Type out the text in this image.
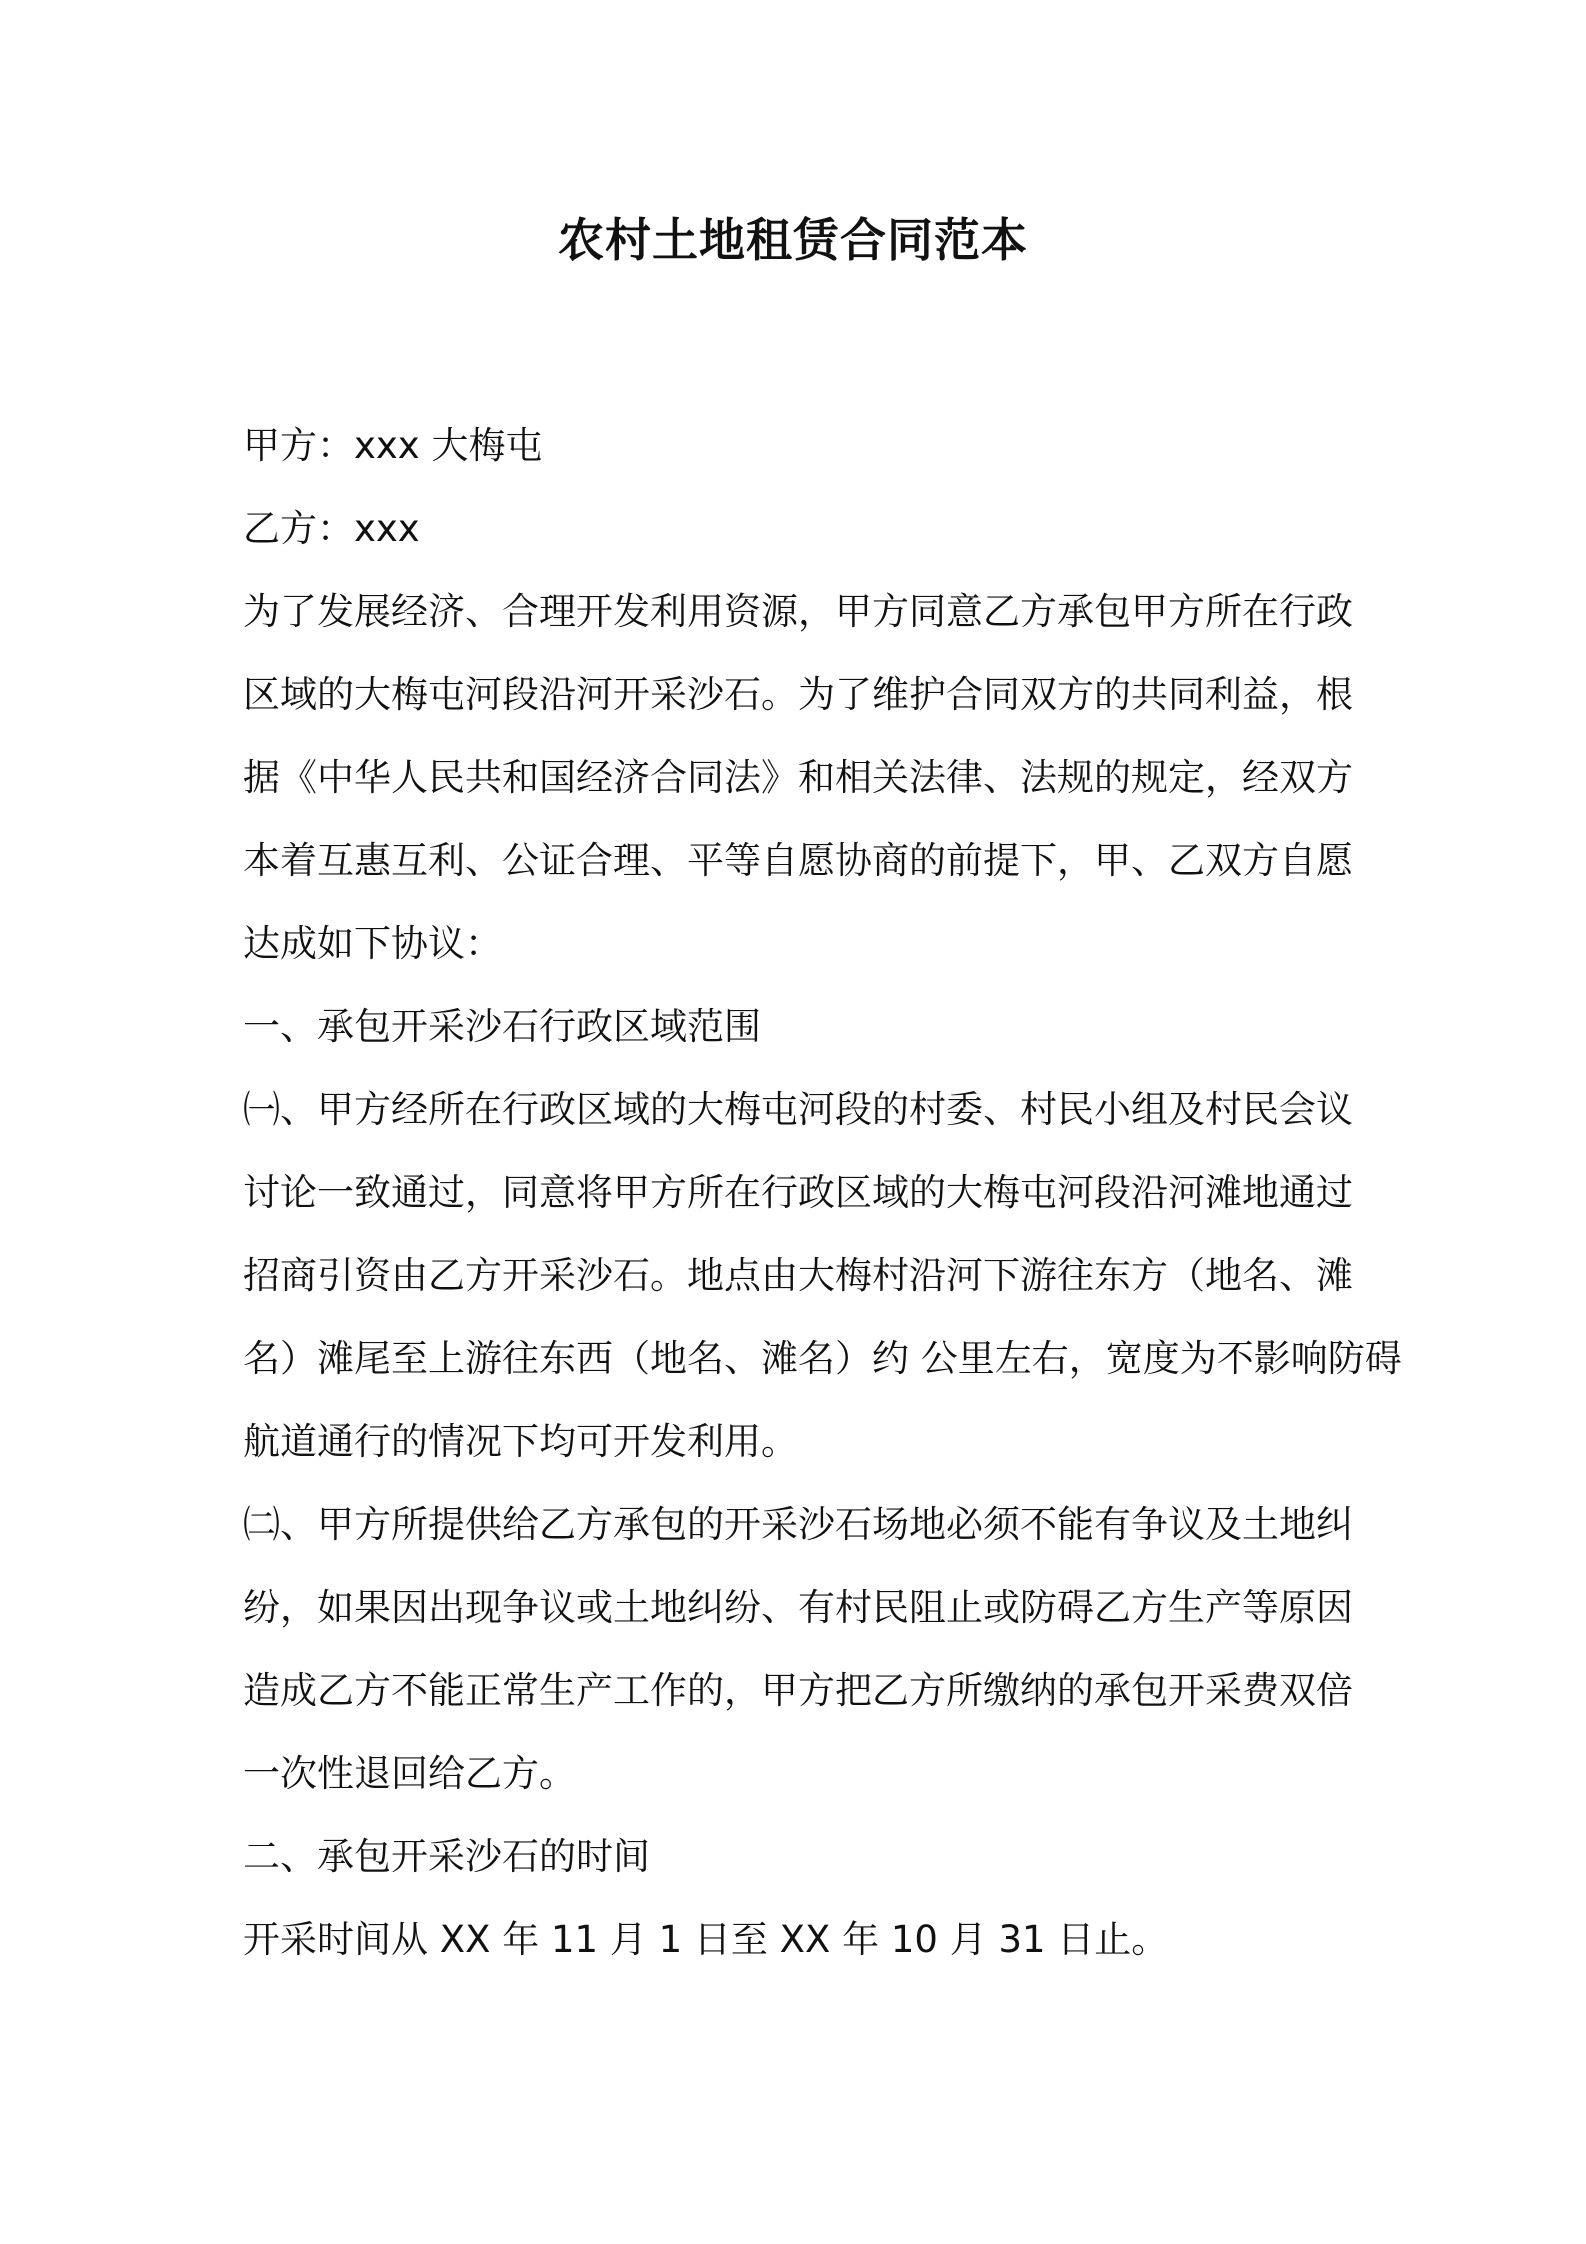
农村土地租赁合同范本
甲方：xxx 大梅屯
乙方：xxx
为了发展经济、合理开发利用资源，甲方同意乙方承包甲方所在行政
区域的大梅屯河段沿河开采沙石。为了维护合同双方的共同利益，根
据《中华人民共和国经济合同法》和相关法律、法规的规定，经双方
本着互惠互利、公证合理、平等自愿协商的前提下，甲、乙双方自愿
达成如下协议：
一、承包开采沙石行政区域范围
㈠、甲方经所在行政区域的大梅屯河段的村委、村民小组及村民会议
讨论一致通过，同意将甲方所在行政区域的大梅屯河段沿河滩地通过
招商引资由乙方开采沙石。地点由大梅村沿河下游往东方（地名、滩
名）滩尾至上游往东西（地名、滩名）约 公里左右，宽度为不影响防碍
航道通行的情况下均可开发利用。
㈡、甲方所提供给乙方承包的开采沙石场地必须不能有争议及土地纠
纷，如果因出现争议或土地纠纷、有村民阻止或防碍乙方生产等原因
造成乙方不能正常生产工作的，甲方把乙方所缴纳的承包开采费双倍
一次性退回给乙方。
二、承包开采沙石的时间
开采时间从 XX 年 11 月 1 日至 XX 年 10 月 31 日止。
